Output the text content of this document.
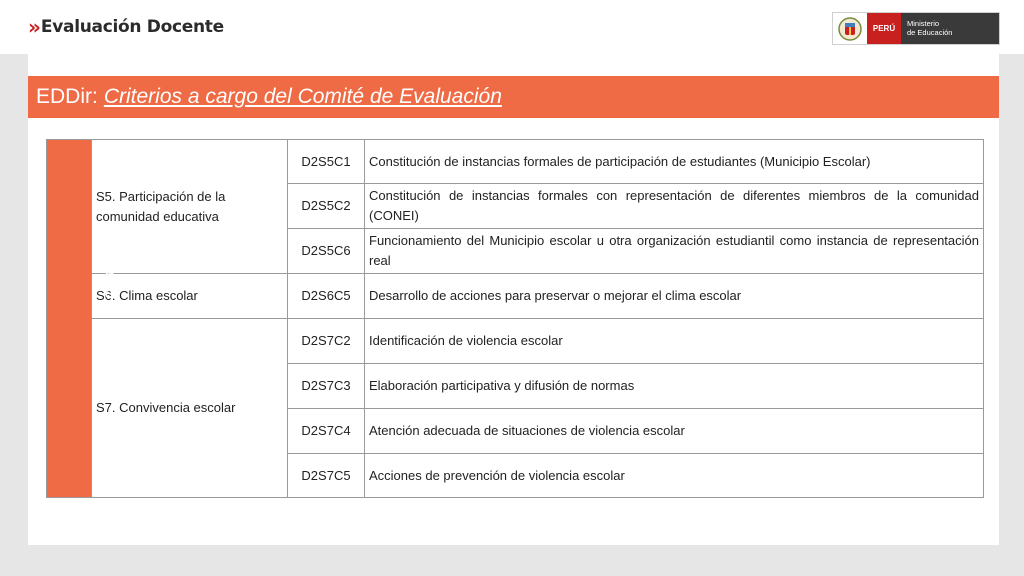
» Evaluación Docente	PERÚ
Ministerio
de Educación
EDDir: Criterios a cargo del Comité de Evaluación
Cultura escolar	S5. Participación de la comunidad educativa	D2S5C1	Constitución de instancias formales de participación de estudiantes (Municipio Escolar)
		D2S5C2	Constitución de instancias formales con representación de diferentes miembros de la comunidad (CONEI)
		D2S5C6	Funcionamiento del Municipio escolar u otra organización estudiantil como instancia de representación real
	S6. Clima escolar	D2S6C5	Desarrollo de acciones para preservar o mejorar el clima escolar
	S7. Convivencia escolar	D2S7C2	Identificación de violencia escolar
		D2S7C3	Elaboración participativa y difusión de normas
		D2S7C4	Atención adecuada de situaciones de violencia escolar
		D2S7C5	Acciones de prevención de violencia escolar
